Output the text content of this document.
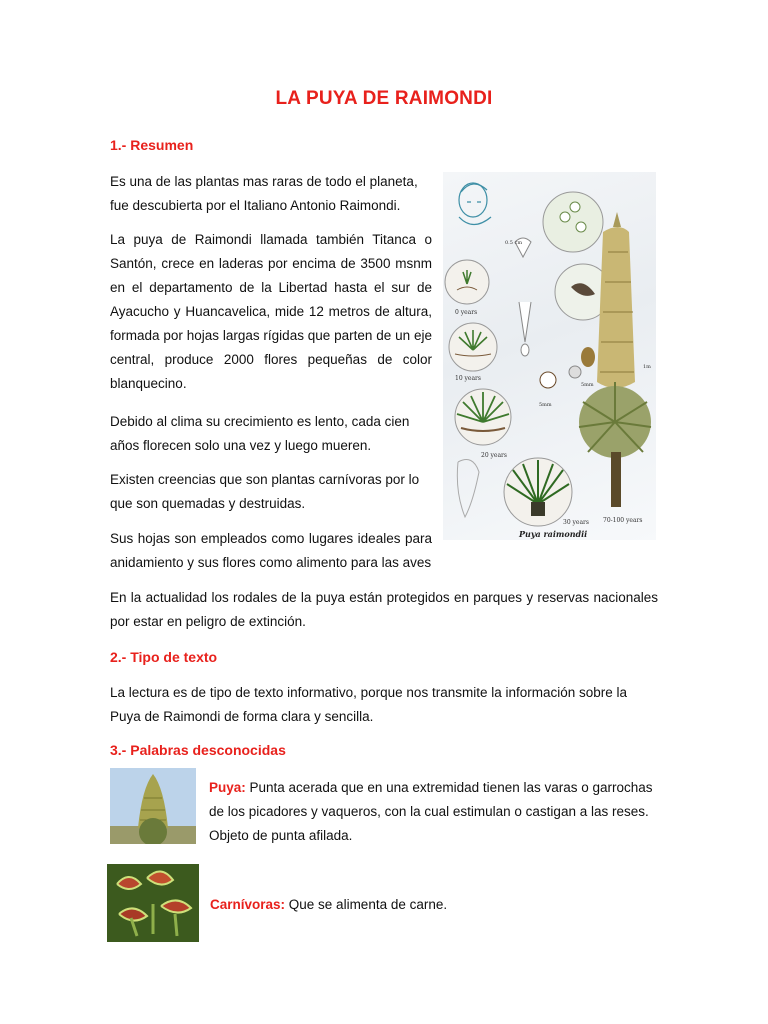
LA PUYA DE RAIMONDI
1.- Resumen
Es una de las plantas mas raras de todo el planeta, fue descubierta por el Italiano Antonio Raimondi.
La puya de Raimondi llamada también Titanca o Santón, crece en laderas por encima de 3500 msnm en el departamento de la Libertad hasta el sur de Ayacucho y Huancavelica, mide 12 metros de altura, formada por hojas largas rígidas que parten de un eje central, produce 2000 flores pequeñas de color blanquecino.
Debido al clima su crecimiento es lento, cada cien años florecen solo una vez y luego mueren.
Existen creencias que son plantas carnívoras por lo que son quemadas y destruidas.
Sus hojas son empleados como lugares ideales para anidamiento y sus flores como alimento para las aves
En la actualidad los rodales de la puya están protegidos en parques y reservas nacionales por estar en peligro de extinción.
0 years
10 years
20 years
30 years 70-100 years
0.5 cm
5mm
1m
5mm
Puya raimondii
2.- Tipo de texto
La lectura es de tipo de texto informativo, porque nos transmite la información sobre la Puya de Raimondi de forma clara y sencilla.
3.- Palabras desconocidas
Puya: Punta acerada que en una extremidad tienen las varas o garrochas de los picadores y vaqueros, con la cual estimulan o castigan a las reses. Objeto de punta afilada.
Carnívoras: Que se alimenta de carne.
